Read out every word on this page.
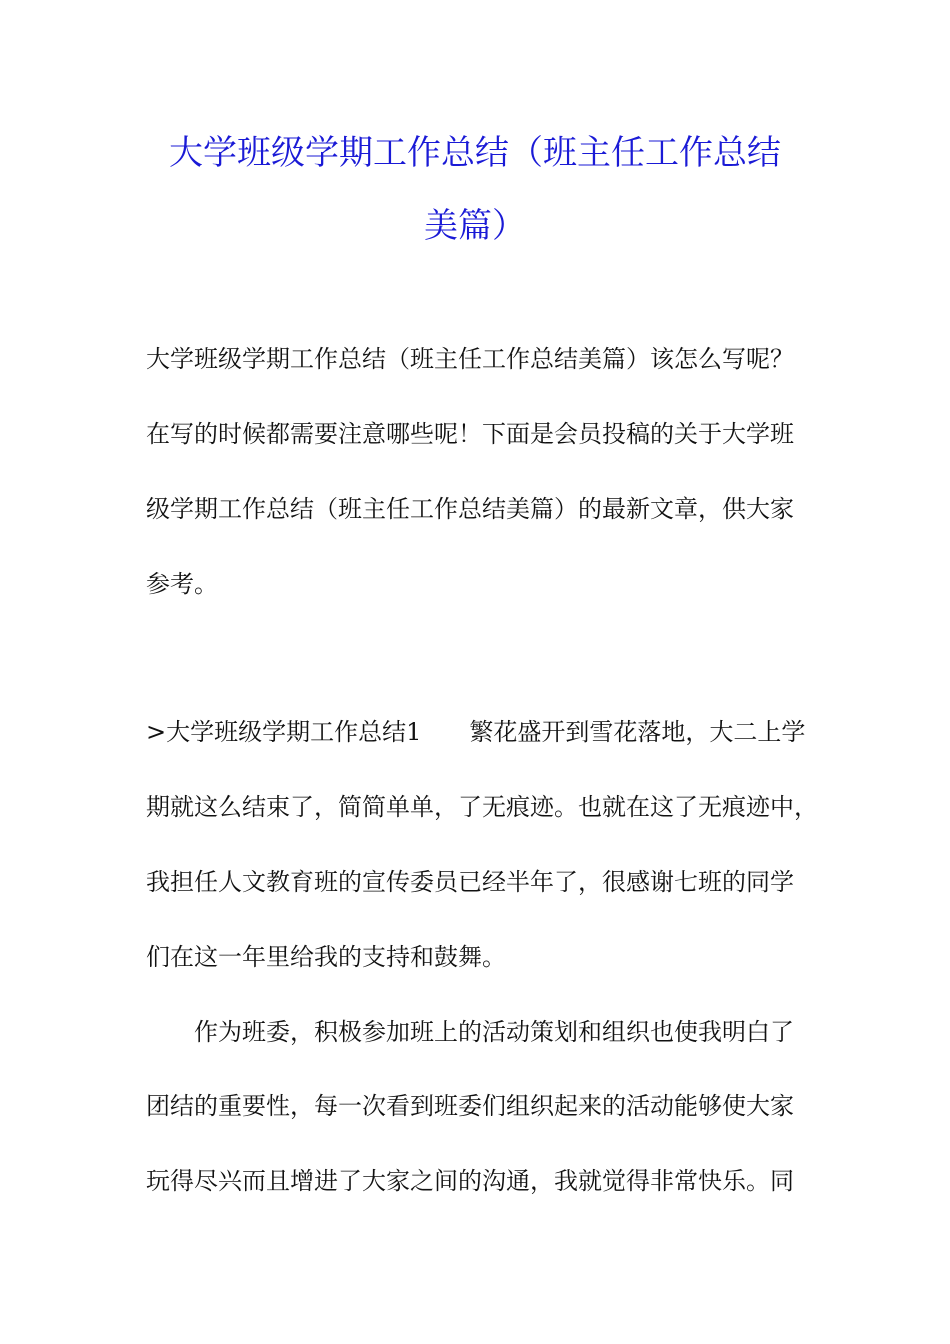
大学班级学期工作总结（班主任工作总结
美篇）
大学班级学期工作总结（班主任工作总结美篇）该怎么写呢？
在写的时候都需要注意哪些呢！下面是会员投稿的关于大学班
级学期工作总结（班主任工作总结美篇）的最新文章，供大家
参考。
>大学班级学期工作总结1　　繁花盛开到雪花落地，大二上学
期就这么结束了，简简单单，了无痕迹。也就在这了无痕迹中，
我担任人文教育班的宣传委员已经半年了，很感谢七班的同学
们在这一年里给我的支持和鼓舞。
　　作为班委，积极参加班上的活动策划和组织也使我明白了
团结的重要性，每一次看到班委们组织起来的活动能够使大家
玩得尽兴而且增进了大家之间的沟通，我就觉得非常快乐。同
